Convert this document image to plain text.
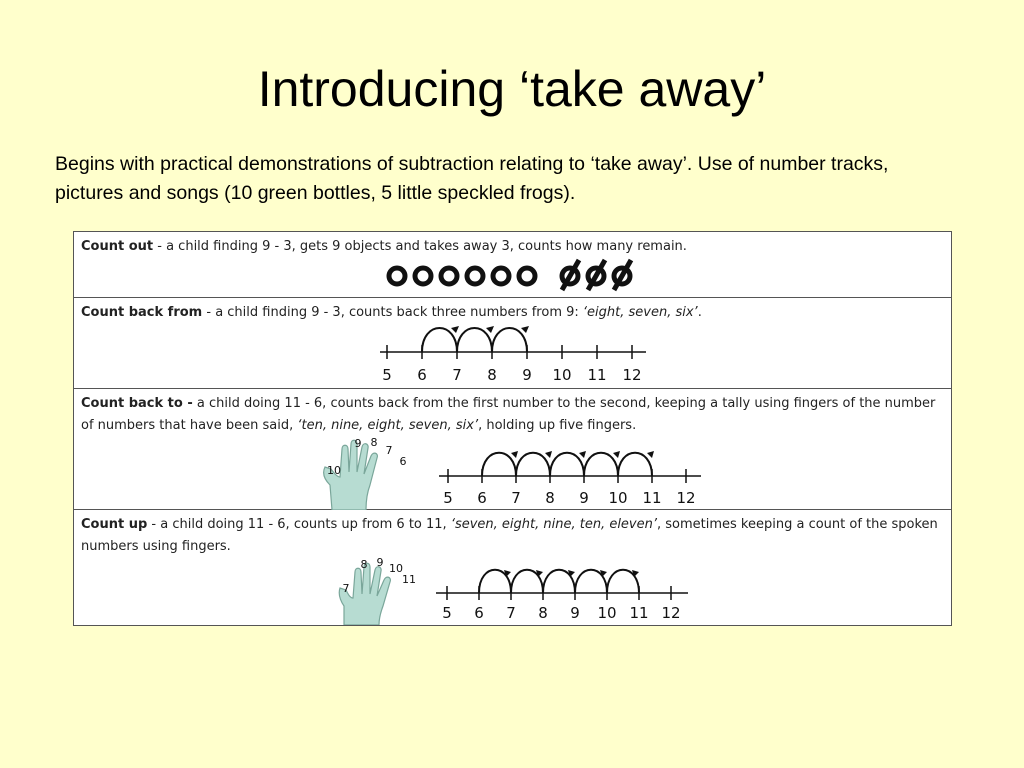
Introducing ‘take away’
Begins with practical demonstrations of subtraction relating to ‘take away’. Use of number tracks, pictures and songs (10 green bottles, 5 little speckled frogs).
Count out - a child finding 9 - 3, gets 9 objects and takes away 3, counts how many remain.
Count back from - a child finding 9 - 3, counts back three numbers from 9: ‘eight, seven, six’.
5 6 7 8 9 10 11 12
Count back to - a child doing 11 - 6, counts back from the first number to the second, keeping a tally using fingers of the number of numbers that have been said, ‘ten, nine, eight, seven, six’, holding up five fingers.
10
9 8
7
6
5 6 7 8 9 10 11 12
Count up - a child doing 11 - 6, counts up from 6 to 11, ‘seven, eight, nine, ten, eleven’, sometimes keeping a count of the spoken numbers using fingers.
7
8 9 10
11
5 6 7 8 9 10 11 12
